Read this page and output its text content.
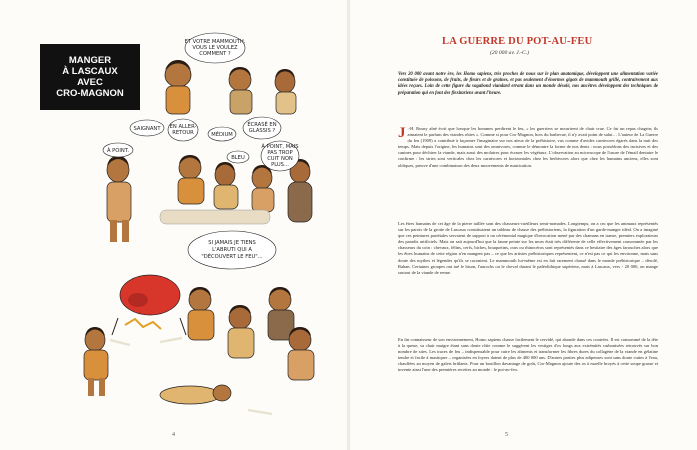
ET VOTRE MAMMOUTH,
VOUS LE VOULEZ
COMMENT ?
SAIGNANT EN ALLER-
RETOUR	MÉDIUM
ÉCRASÉ EN
GLASSIS ?
À POINT.
BLEU
À POINT, MAIS
PAS TROP
CUIT NON
PLUS...
SI JAMAIS JE TIENS
L'ABRUTI QUI A
"DÉCOUVERT LE FEU"...
MANGER
À LASCAUX
AVEC
CRO-MAGNON
4
LA GUERRE DU POT-AU-FEU
(20 000 av. J.-C.)
Vers 20 000 avant notre ère, les Homo sapiens, très proches de nous sur le plan anatomique, développent une alimentation variée constituée de poissons, de fruits, de fleurs et de graines, et pas seulement d'énormes gigots de mammouth grillé, contrairement aux idées reçues. Loin de cette figure du vagabond viandard errant dans un monde désolé, nos ancêtres développent des techniques de préparation qui en font des flexitariens avant l'heure.
J .-H. Rosny aîné écrit que lorsque les hommes perdirent le feu, « les guerriers se nourrirent de chair crue. Ce fut un repas chagrin; ils aimaient le parfum des viandes rôties ». Comme si pour Cro-Magnon, hors du barbecue, il n'y avait point de salut… L'auteur de La Guerre du feu (1909) a contribué à façonner l'imaginaire sur nos aïeux de la préhistoire, vus comme d'avides carnivores égarés dans la nuit des temps. Mais depuis l'origine, les humains sont des omnivores, comme le démontre la forme de nos dents : nous possédons des incisives et des canines pour déchirer la viande, mais aussi des molaires pour écraser les végétaux. L'observation au microscope de l'usure de l'émail dentaire le confirme : les stries sont verticales chez les carnivores et horizontales chez les herbivores alors que chez les humains anciens, elles sont obliques, preuve d'une combinaison des deux mouvements de mastication.
Les êtres humains de cet âge de la pierre taillée sont des chasseurs-cueilleurs semi-nomades. Longtemps, on a cru que les animaux représentés sur les parois de la grotte de Lascaux constituaient un tableau de chasse des préhistoriens, la figuration d'un garde-manger idéal. On a imaginé que ces peintures pariétales servaient de support à un cérémonial magique d'invocation mené par des chamans en transe, premiers explorateurs des paradis artificiels. Mais on sait aujourd'hui que la faune peinte sur les murs était très différente de celle effectivement consommée par les chasseurs du coin : chevaux, félins, cerfs, biches, bouquetins, ours ou rhinocéros sont représentés dans ce bestiaire des âges farouches alors que les êtres humains de cette région n'en mangent pas – ce que les artistes préhistoriques représentent, ce n'est pas ce qui les environne, mais sans doute des mythes et légendes qu'ils se racontent. Le mammouth lui-même est en fait rarement chassé dans le monde préhistorique – désolé, Rahan. Certaines groupes ont tué le bison, l'aurochs ou le cheval durant le paléolithique supérieur, mais à Lascaux, vers - 20 000, on mange surtout de la viande de renne.
En fin connaisseur de son environnement, Homo sapiens chasse facilement le cervidé, qui abonde dans ces contrées. Il est consommé de la tête à la queue, sa chair maigre étant sans doute rôtie comme le suggèrent les vestiges d'os longs aux extrémités carbonisées retrouvés sur bon nombre de sites. Les traces de feu – indispensable pour cuire les aliments et transformer les fibres dures du collagène de la viande en gélatine tendre et facile à mastiquer – organisées en foyers datent de plus de 400 000 ans. D'autres parties plus adipeuses sont sans doute cuites à l'eau, chauffées au moyen de galets brûlants. Pour un bouillon davantage de goût, Cro-Magnon ajoute des os à moelle broyés à cette soupe grasse et invente ainsi l'une des premières recettes au monde : le pot-au-feu.
5
